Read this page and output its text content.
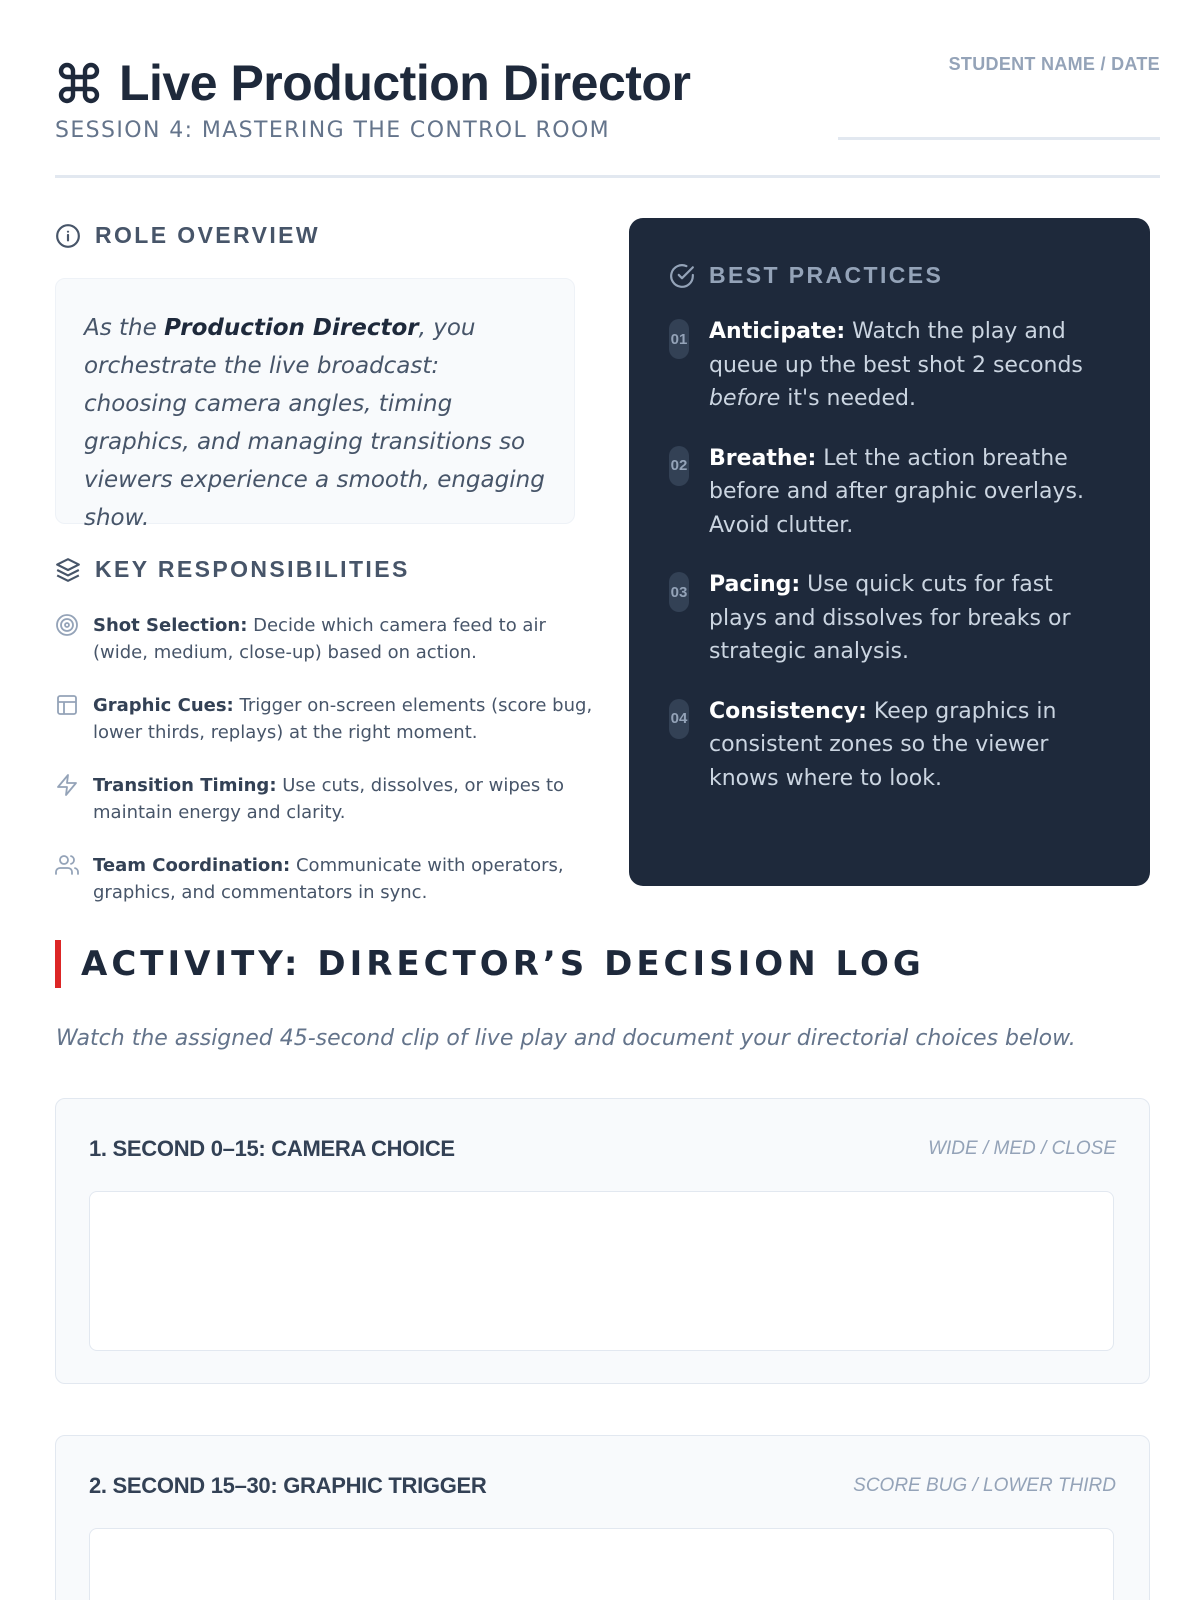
Live Production Director
SESSION 4: MASTERING THE CONTROL ROOM
STUDENT NAME / DATE
ROLE OVERVIEW

As the Production Director, you orchestrate the live broadcast: choosing camera angles, timing graphics, and managing transitions so viewers experience a smooth, engaging show.

KEY RESPONSIBILITIES
Shot Selection: Decide which camera feed to air (wide, medium, close-up) based on action.
Graphic Cues: Trigger on-screen elements (score bug, lower thirds, replays) at the right moment.
Transition Timing: Use cuts, dissolves, or wipes to maintain energy and clarity.
Team Coordination: Communicate with operators, graphics, and commentators in sync.
BEST PRACTICES
01 Anticipate: Watch the play and queue up the best shot 2 seconds before it's needed.
02 Breathe: Let the action breathe before and after graphic overlays. Avoid clutter.
03 Pacing: Use quick cuts for fast plays and dissolves for breaks or strategic analysis.
04 Consistency: Keep graphics in consistent zones so the viewer knows where to look.
ACTIVITY: DIRECTOR’S DECISION LOG

Watch the assigned 45-second clip of live play and document your directorial choices below.

1. SECOND 0–15: CAMERA CHOICE	WIDE / MED / CLOSE
2. SECOND 15–30: GRAPHIC TRIGGER	SCORE BUG / LOWER THIRD
